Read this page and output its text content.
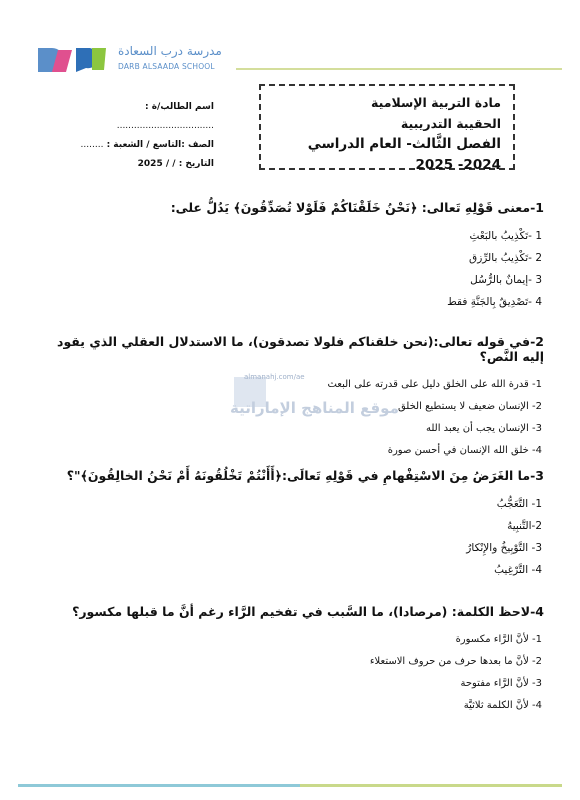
مدرسة درب السعادة
DARB ALSAADA SCHOOL
مادة التربية الإسلامية
الحقيبة التدريبية
الفصل الثَّالث- العام الدراسي 2024- 2025
اسم الطالب/ة : ..................................
الصف :التاسع / الشعبة : ........
التاريخ : / / 2025
almanahj.com/ae
موقع المناهج الإماراتية
1-معنى قَوْلِهِ تَعالى: ﴿نَحْنُ خَلَقْنَاكُمْ فَلَوْلا تُصَدِّقُونَ﴾ يَدُلُّ على:
1 -تَكْذِيبُ بالبَعْثِ
2 -تَكْذِيبُ بالرِّزق
3 -إيمانٌ بالرُّسُل
4 -تَصْدِيقٌ بِالجَنَّةِ فقط
2-في قوله تعالى:(نحن خلقناكم فلولا تصدقون)، ما الاستدلال العقلي الذي يقود إليه النَّص؟
1- قدرة الله على الخلق دليل على قدرته على البعث
2- الإنسان ضعيف لا يستطيع الخلق
3- الإنسان يجب أن يعبد الله
4- خلق الله الإنسان في أحسن صورة
3-ما الغَرَضُ مِنَ الاسْتِفْهامِ في قَوْلِهِ تَعالَى:﴿أَأَنْتُمْ تَخْلُقُونَهُ أَمْ نَحْنُ الخالِقُونَ﴾"؟
1- التَّعَجُّبُ
2-التَّنبِيهُ
3- التَّوْبِيخُ والإِنْكارُ
4- التَّرْغِيبُ
4-لاحظ الكلمة: (مرصادا)، ما السَّبب في تفخيم الرَّاء رغم أنَّ ما قبلها مكسور؟
1- لأنَّ الرَّاء مكسورة
2- لأنَّ ما بعدها حرف من حروف الاستعلاء
3- لأنَّ الرَّاء مفتوحة
4- لأنَّ الكلمة ثلاثيَّة
